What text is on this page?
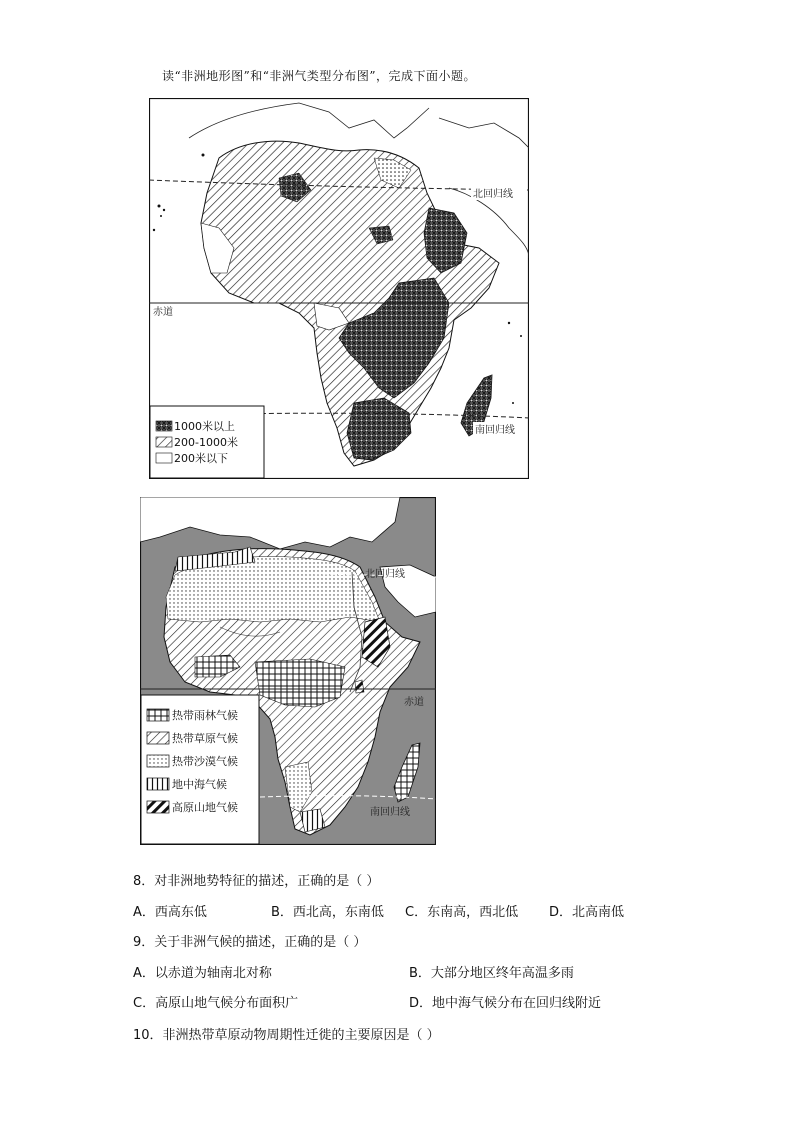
读“非洲地形图”和“非洲气类型分布图”，完成下面小题。
北回归线
赤道
南回归线
1000米以上
200-1000米
200米以下
北回归线
赤道
南回归线
热带雨林气候
热带草原气候
热带沙漠气候
地中海气候
高原山地气候
8．对非洲地势特征的描述，正确的是（ ）
A．西高东低	B．西北高，东南低 C．东南高，西北低 D．北高南低
9．关于非洲气候的描述，正确的是（ ）
A．以赤道为轴南北对称	B．大部分地区终年高温多雨
C．高原山地气候分布面积广	D．地中海气候分布在回归线附近
10．非洲热带草原动物周期性迁徙的主要原因是（ ）
